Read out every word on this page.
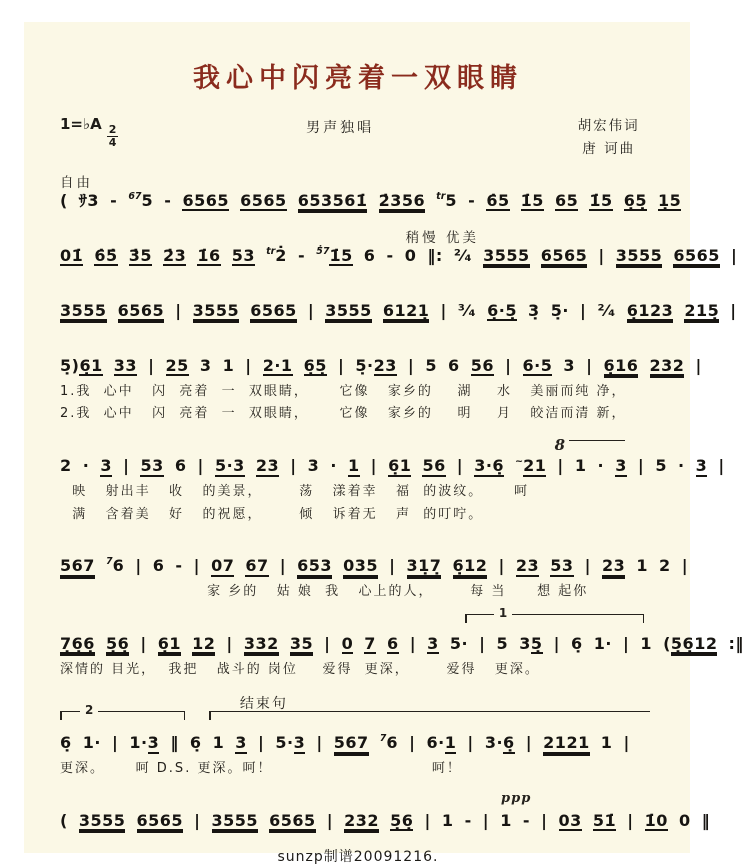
我心中闪亮着一双眼睛
1=♭A $\frac{2}{4}$	男声独唱	胡宏伟词
唐 诃曲
自由
( ｻ3 - $^{67}$5 - 6565 6565 653561̇ 2̇356 $^{tr}$5 - 6̇5 1̇5 65 1̇5 6̣5̣ 1̣5
稍慢 优美
01̇ 6̇5̇ 3̇5 2̇3 1̇6 53 $^{tr}$2̇ - $^{5̇7}$1̇5 6 - 0 ‖: ²⁄₄ 3555 6565 | 3555 6565 |
3555 6565 | 3555 6565 | 3555 6121̣ | ³⁄₄ 6̣·5̣ 3̣ 5̣· | ²⁄₄ 6̣123 215̣ |
5̣)6̣1 33 | 25 3 1 | 2·1 6̣5̣ | 5̣·23 | 5 6 56 | 6·5 3 | 6̣16 232 |
1.我  心中   闪  亮着  一  双眼睛，     它像   家乡的    湖    水   美丽而纯 净，
2.我  心中   闪  亮着  一  双眼睛，     它像   家乡的    明    月   皎洁而清 新，
8
2 · 3 | 53 6 | 5·3 23 | 3 · 1 | 6̣1 56 | 3·6̣ ~21 | 1 · 3 | 5 · 3 |
映   射出丰   收   的美景，      荡   漾着幸   福  的波纹。     呵
满   含着美   好   的祝愿，      倾   诉着无   声  的叮咛。
567 $^7$6 | 6 - | 07 67 | 653 035 | 31̣7̣ 6̣12 | 23 53 | 23 1 2 |
家 乡的   姑 娘  我   心上的人，      每 当     想 起你
1
7̣6̣6̣ 5̣6̣ | 6̣1 12 | 332 35 | 0 7 6 | 3 5· | 5 35̣ | 6̣ 1· | 1 (5̣6̣12 :‖
深情的 目光，  我把   战斗的 岗位    爱得  更深，      爱得   更深。
2	结束句
6̣ 1· | 1·3 ‖ 6̣ 1 3 | 5·3 | 567 $^7$6 | 6·1 | 3·6̣ | 2121 1 |
更深。     呵 D.S. 更深。呵！                          呵！
ppp
( 3555 6565 | 3555 6565 | 232 5̣6̣ | 1 - | 1 - | 03 51̇ | 1̇0 0 ‖
sunzp制谱20091216.
